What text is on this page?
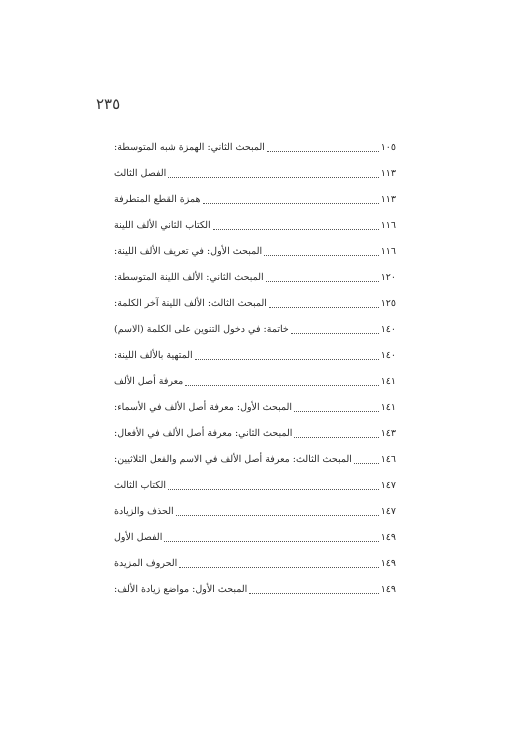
٢٣٥
المبحث الثاني: الهمزة شبه المتوسطة:	١٠٥
الفصل الثالث	١١٣
همزة القطع المتطرفة	١١٣
الكتاب الثاني الألف اللينة	١١٦
المبحث الأول: في تعريف الألف اللينة:	١١٦
المبحث الثاني: الألف اللينة المتوسطة:	١٢٠
المبحث الثالث: الألف اللينة آخر الكلمة:	١٢٥
خاتمة: في دخول التنوين على الكلمة (الاسم)	١٤٠
المتهية بالألف اللينة:	١٤٠
معرفة أصل الألف	١٤١
المبحث الأول: معرفة أصل الألف في الأسماء:	١٤١
المبحث الثاني: معرفة أصل الألف في الأفعال:	١٤٣
المبحث الثالث: معرفة أصل الألف في الاسم والفعل الثلاثيين:	١٤٦
الكتاب الثالث	١٤٧
الحذف والزيادة	١٤٧
الفصل الأول	١٤٩
الحروف المزيدة	١٤٩
المبحث الأول: مواضع زيادة الألف:	١٤٩
